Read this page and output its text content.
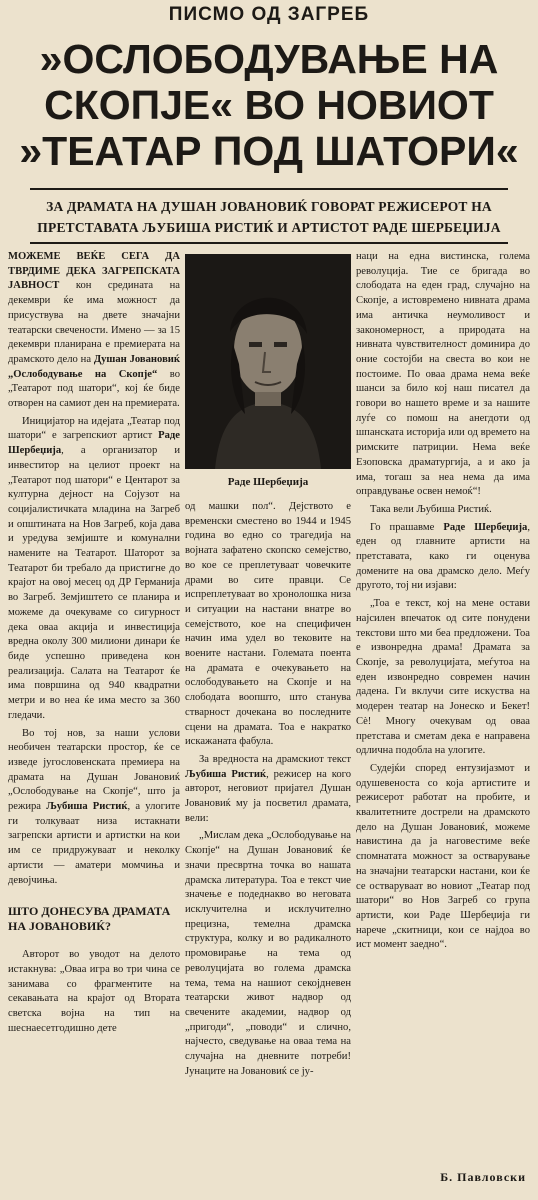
ПИСМО ОД ЗАГРЕБ
»ОСЛОБОДУВАЊЕ НА
СКОПЈЕ« ВО НОВИОТ
»ТЕАТАР ПОД ШАТОРИ«
ЗА ДРАМАТА НА ДУШАН ЈОВАНОВИЌ ГОВОРАТ РЕЖИСЕРОТ НА
ПРЕТСТАВАТА ЉУБИША РИСТИЌ И АРТИСТОТ РАДЕ ШЕРБЕЏИЈА

МОЖЕМЕ ВЕЌЕ СЕГА ДА ТВРДИМЕ ДЕКА ЗАГРЕПСКАТА ЈАВНОСТ кон средината на декември ќе има можност да присуствува на двете значајни театарски свечености. Имено — за 15 декември планирана е премиерата на драмското дело на Душан Јовановиќ „Ослободување на Скопје“ во „Театарот под шатори“, кој ќе биде отворен на самиот ден на премиерата.

Иницијатор на идејата „Театар под шатори“ е загрепскиот артист Раде Шербеџија, а организатор и инвеститор на целиот проект на „Театарот под шатори“ е Центарот за културна дејност на Сојузот на социјалистичката младина на Загреб и општината на Нов Загреб, која дава и уредува земјиште и комунални намените на Театарот. Шаторот за Театарот би требало да пристигне до крајот на овој месец од ДР Германија во Загреб. Земјиштето се планира и можеме да очекуваме со сигурност дека оваа акција и инвестиција вредна околу 300 милиони динари ќе биде успешно приведена кон реализација. Салата на Театарот ќе има површина од 940 квадратни метри и во неа ќе има место за 360 гледачи.

Во тој нов, за наши услови необичен театарски простор, ќе се изведе југословенската премиера на драмата на Душан Јовановиќ „Ослободување на Скопје“, што ја режира Љубиша Ристиќ, а улогите ги толкуваат низа истакнати загрепски артисти и артистки на кои им се придружуваат и неколку артисти — аматери момчиња и девојчиња.

ШТО ДОНЕСУВА ДРАМАТА НА ЈОВАНОВИЌ?

Авторот во уводот на делото истакнува: „Оваа игра во три чина се занимава со фрагментите на секавањата на крајот од Втората светска војна на тип на шеснаесетгодишно дете

Раде Шербеџија

од машки пол“. Дејството е временски сместено во 1944 и 1945 година во едно со трагедија на војната зафатено скопско семејство, во кое се преплетуваат човечките драми во сите правци. Се испреплетуваат во хронолошка низа и ситуации на настани внатре во семејството, кое на специфичен начин има удел во тековите на воените настани. Големата поента на драмата е очекувањето на ослободувањето на Скопје и на слободата воопшто, што станува стварност дочекана во последните сцени на драмата. Тоа е накратко искажаната фабула.

За вредноста на драмскиот текст Љубиша Ристиќ, режисер на кого авторот, неговиот пријател Душан Јовановиќ му ја посветил драмата, вели:

„Мислам дека „Ослободување на Скопје“ на Душан Јовановиќ ќе значи пресвртна точка во нашата драмска литература. Тоа е текст чие значење е подеднакво во неговата исклучителна и исклучително прецизна, темелна драмска структура, колку и во радикалното промовирање на тема од револуцијата во голема драмска тема, тема на нашиот секојдневен театарски живот надвор од свечените академии, надвор од „пригоди“, „поводи“ и слично, најчесто, сведување на оваа тема на случајна на дневните потреби! Јунаците на Јовановиќ се ју-

наци на една вистинска, голема револуција. Тие се бригада во слободата на еден град, случајно на Скопје, а истовремено нивната драма има античка неумоливост и закономерност, а природата на нивната чувствителност доминира до оние состојби на свеста во кои не постоиме. По оваа драма нема веќе шанси за било кој наш писател да говори во нашето време и за нашите луѓе со помош на анегдоти од шпанската историја или од времето на римските патриции. Нема веќе Езоповска драматургија, а и ако ја има, тогаш за неа нема да има оправдување освен немоќ“!

Така вели Љубиша Ристиќ.

Го прашавме Раде Шербеџија, еден од главните артисти на претставата, како ги оценува доменитe на ова драмско дело. Меѓу другото, тој ни изјави:

„Тоа е текст, кој на мене остави најсилен впечаток од сите понудени текстови што ми беа предложени. Тоа е извонредна драма! Драмата за Скопје, за револуцијата, меѓутоа на еден извонредно современ начин дадена. Ги вклучи сите искуства на модерен театар на Јонеско и Бекет! Сè! Многу очекувам од оваа претстава и сметам дека е направена одлична подобла на улогите.

Судејќи според ентузијазмот и одушевеноста со која артистите и режисерот работат на пробите, и квалитетните дострели на драмското дело на Душан Јовановиќ, можеме навистина да ја наговестиме веќе спомнатата можност за остварување на значајни театарски настани, кои ќе се остваруваат во новиот „Театар под шатори“ во Нов Загреб со група артисти, кои Раде Шербеџија ги нарече „скитници, кои се најдоа во ист момент заедно“.

Б. Павловски
